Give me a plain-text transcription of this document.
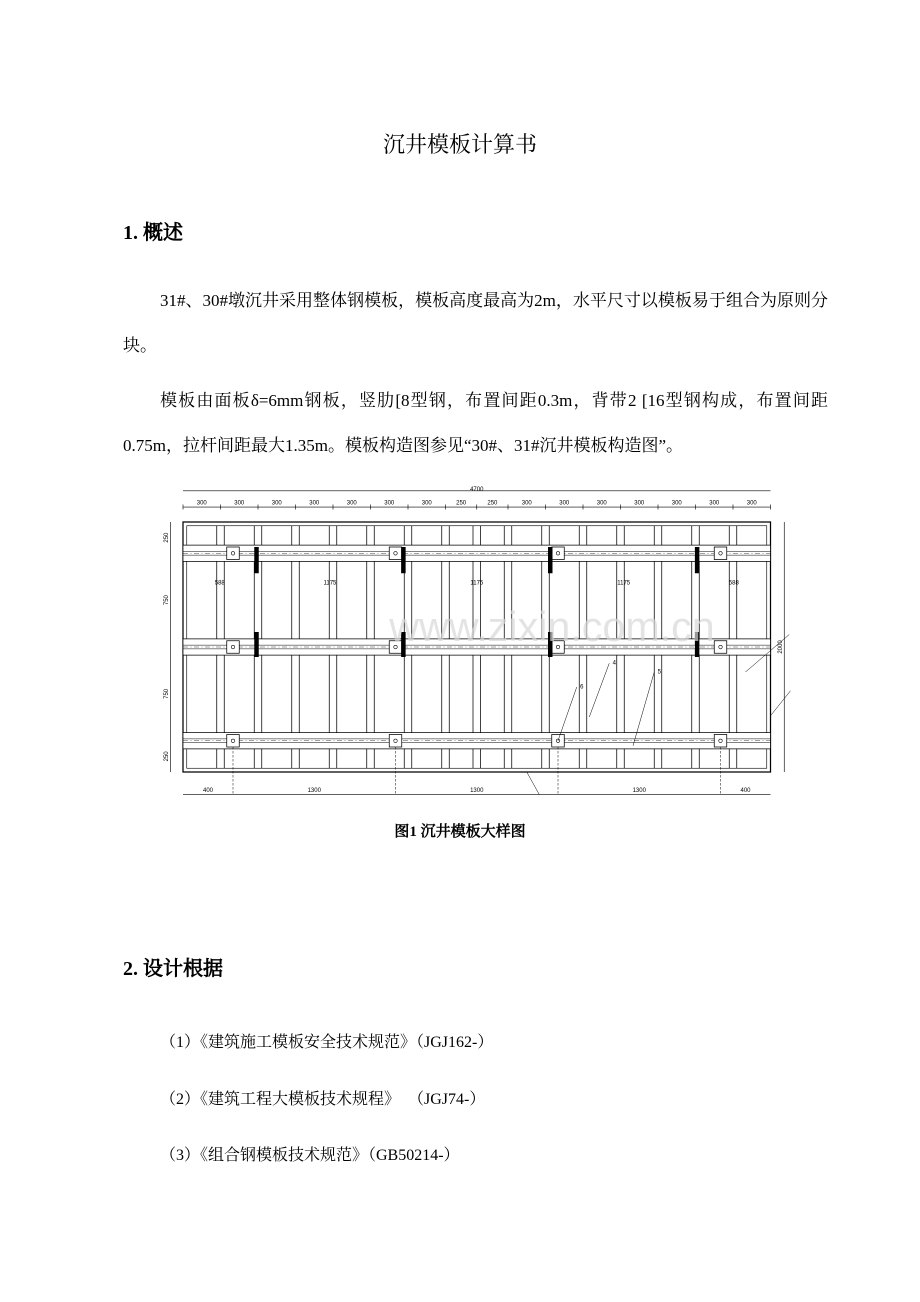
沉井模板计算书
1. 概述
31#、30#墩沉井采用整体钢模板，模板高度最高为2m，水平尺寸以模板易于组合为原则分块。
模板由面板δ=6mm钢板，竖肋[8型钢，布置间距0.3m，背带2 [16型钢构成，布置间距0.75m，拉杆间距最大1.35m。模板构造图参见“30#、31#沉井模板构造图”。
www.zixin.com.cn
4700
2000
300 300 300 300 300 300 300 250 250 300 300 300 300 300 300 300
588 1175	1175	1175 588
250
750
750
250
400 1300	1300	1300 400
6
4
5
图1 沉井模板大样图
2. 设计根据
（1）《建筑施工模板安全技术规范》（JGJ162-）
（2）《建筑工程大模板技术规程》  （JGJ74-）
（3）《组合钢模板技术规范》（GB50214-）
